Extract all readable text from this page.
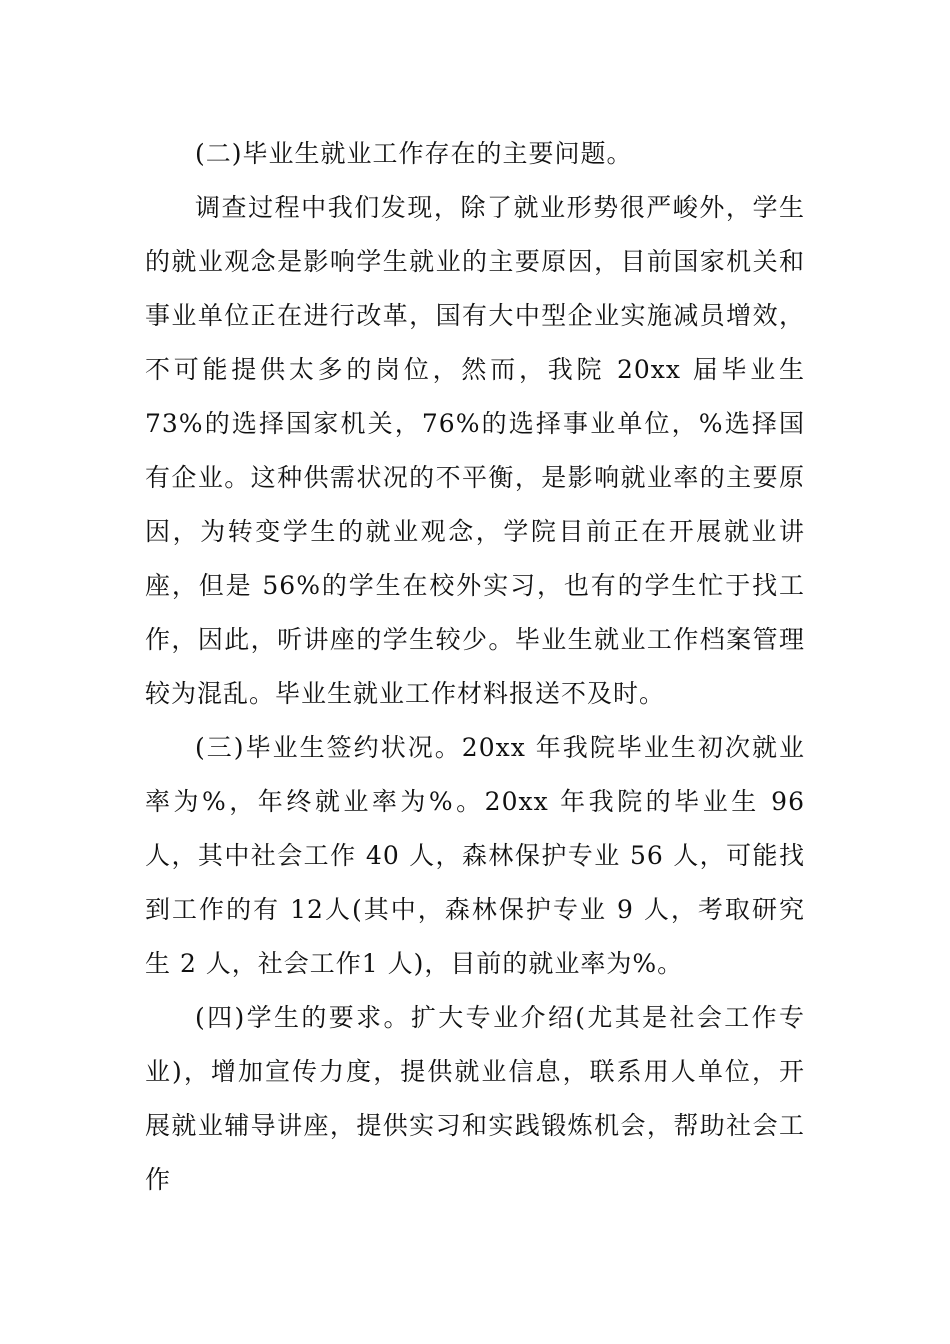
(二)毕业生就业工作存在的主要问题。

调查过程中我们发现，除了就业形势很严峻外，学生的就业观念是影响学生就业的主要原因，目前国家机关和事业单位正在进行改革，国有大中型企业实施减员增效，不可能提供太多的岗位，然而，我院 20xx 届毕业生 73%的选择国家机关，76%的选择事业单位，%选择国有企业。这种供需状况的不平衡，是影响就业率的主要原因，为转变学生的就业观念，学院目前正在开展就业讲座，但是 56%的学生在校外实习，也有的学生忙于找工作，因此，听讲座的学生较少。毕业生就业工作档案管理较为混乱。毕业生就业工作材料报送不及时。

(三)毕业生签约状况。20xx 年我院毕业生初次就业率为%，年终就业率为%。20xx 年我院的毕业生 96 人，其中社会工作 40 人，森林保护专业 56 人，可能找到工作的有 12人(其中，森林保护专业 9 人，考取研究生 2 人，社会工作1 人)，目前的就业率为%。

(四)学生的要求。扩大专业介绍(尤其是社会工作专业)，增加宣传力度，提供就业信息，联系用人单位，开展就业辅导讲座，提供实习和实践锻炼机会，帮助社会工作
